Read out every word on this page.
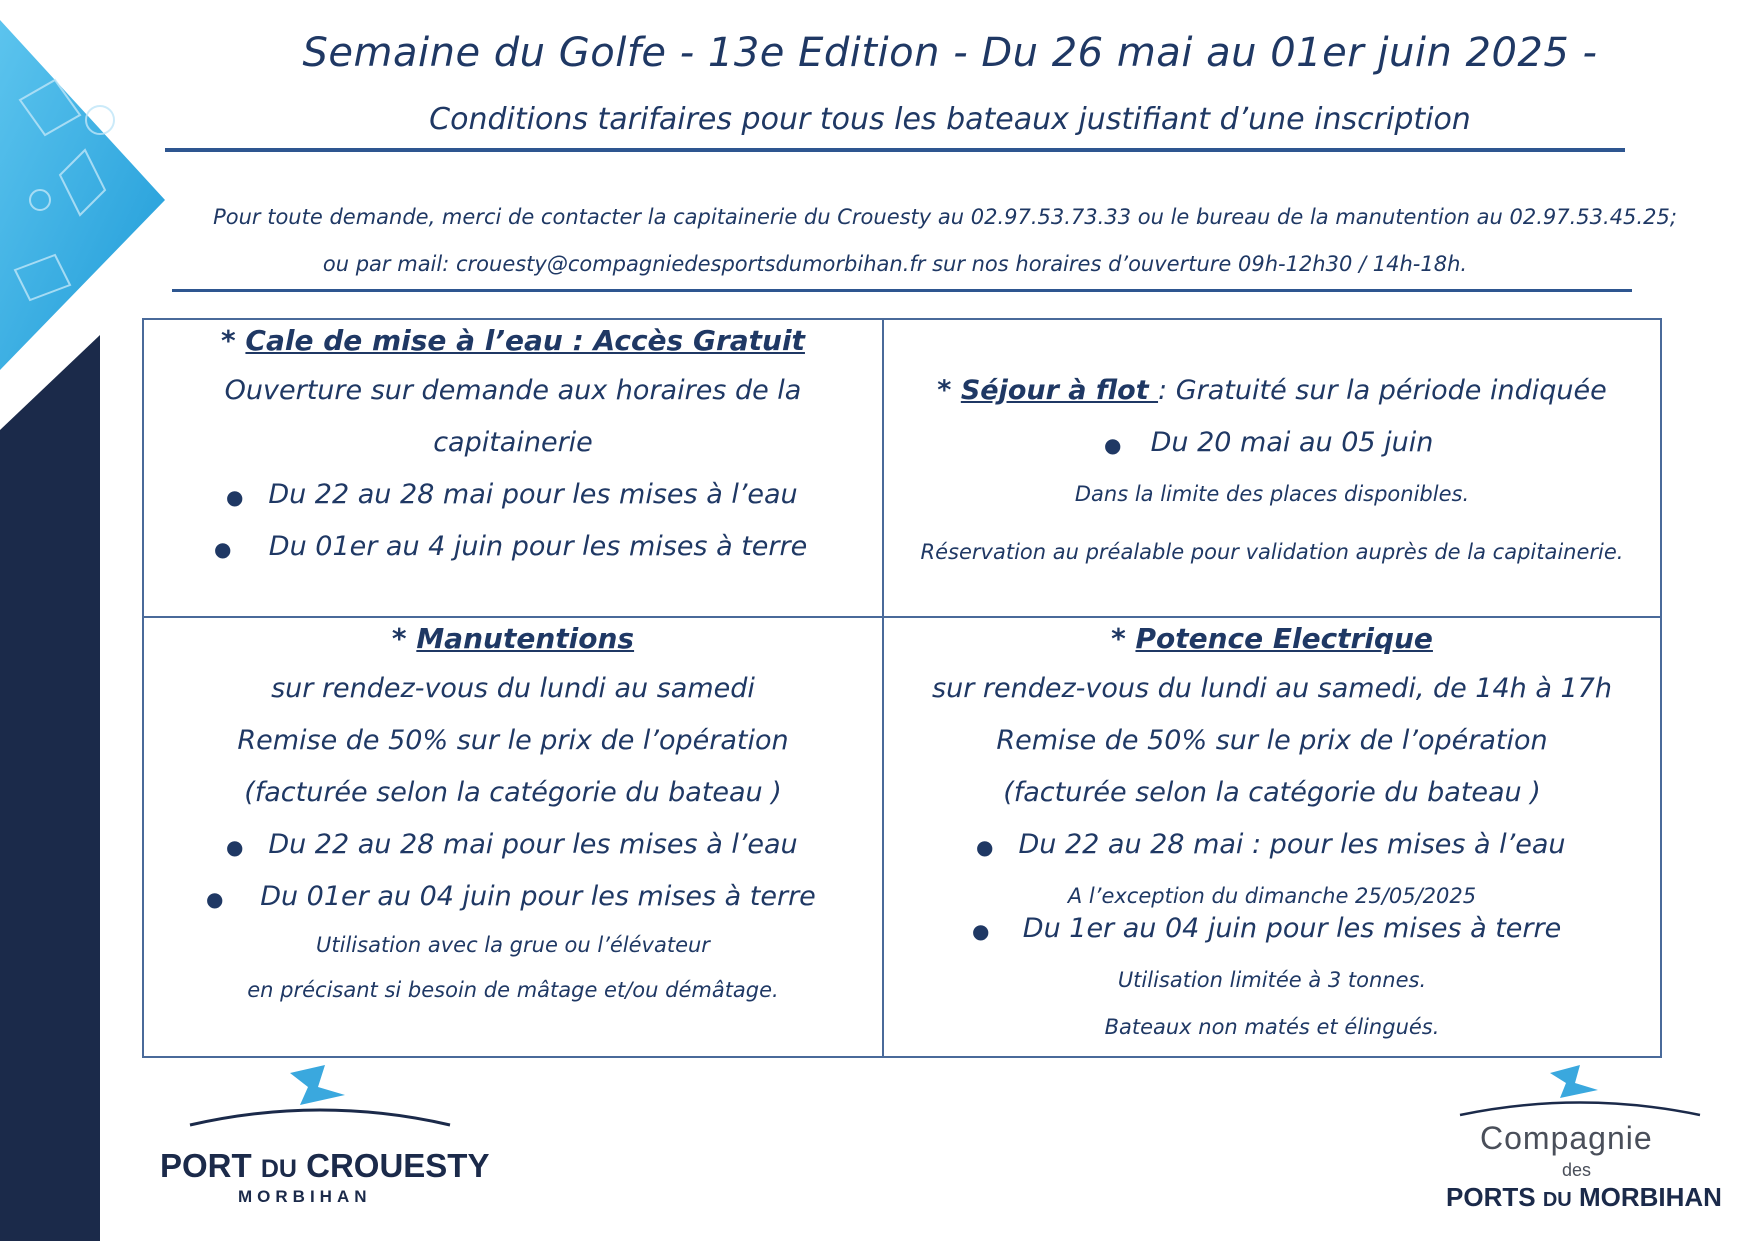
Semaine du Golfe - 13e Edition - Du 26 mai au 01er juin 2025 -
Conditions tarifaires pour tous les bateaux justifiant d’une inscription
Pour toute demande, merci de contacter la capitainerie du Crouesty au 02.97.53.73.33 ou le bureau de la manutention au 02.97.53.45.25;
ou par mail: crouesty@compagniedesportsdumorbihan.fr sur nos horaires d’ouverture 09h-12h30 / 14h-18h.
* Cale de mise à l’eau : Accès Gratuit
Ouverture sur demande aux horaires de la
capitainerie
● Du 22 au 28 mai pour les mises à l’eau
●	Du 01er au 4 juin pour les mises à terre
* Séjour à flot : Gratuité sur la période indiquée
●	Du 20 mai au 05 juin
Dans la limite des places disponibles.
Réservation au préalable pour validation auprès de la capitainerie.
* Manutentions
sur rendez-vous du lundi au samedi
Remise de 50% sur le prix de l’opération
(facturée selon la catégorie du bateau )
● Du 22 au 28 mai pour les mises à l’eau
●	Du 01er au 04 juin pour les mises à terre
Utilisation avec la grue ou l’élévateur
en précisant si besoin de mâtage et/ou démâtage.
* Potence Electrique
sur rendez-vous du lundi au samedi, de 14h à 17h
Remise de 50% sur le prix de l’opération
(facturée selon la catégorie du bateau )
● Du 22 au 28 mai : pour les mises à l’eau
A l’exception du dimanche 25/05/2025
●	Du 1er au 04 juin pour les mises à terre
Utilisation limitée à 3 tonnes.
Bateaux non matés et élingués.
PORT DU CROUESTY
MORBIHAN
Compagnie
des
PORTS DU MORBIHAN
